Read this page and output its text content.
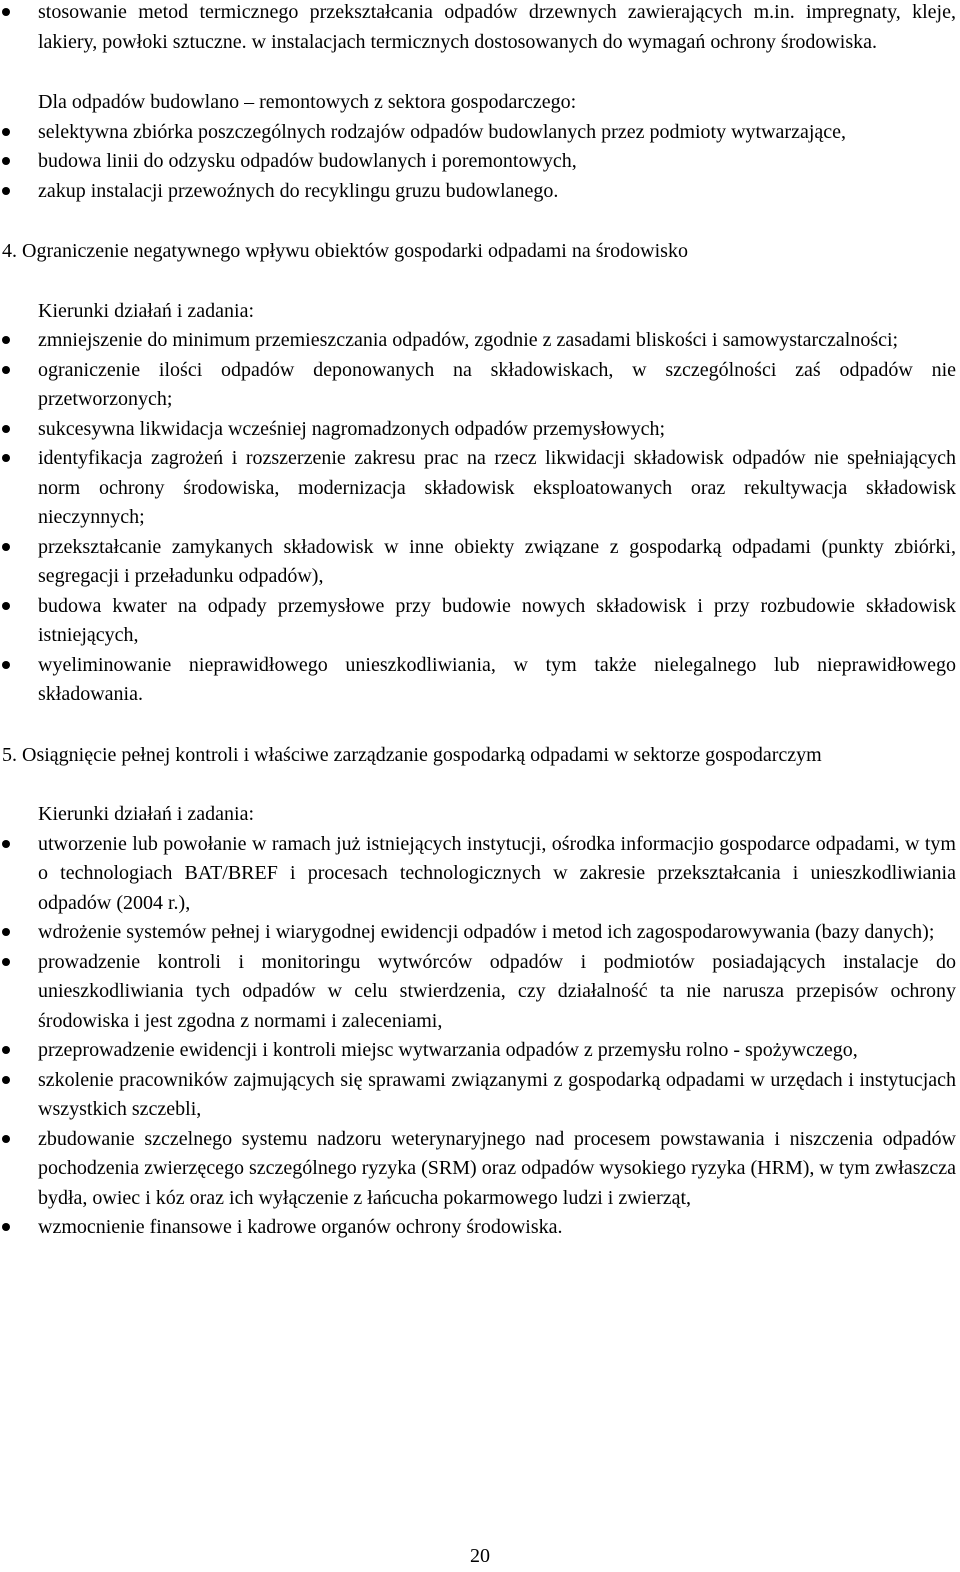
stosowanie metod termicznego przekształcania odpadów drzewnych zawierających m.in. impregnaty, kleje, lakiery, powłoki sztuczne. w instalacjach termicznych dostosowanych do wymagań ochrony środowiska.
Dla odpadów budowlano – remontowych z sektora gospodarczego:
selektywna zbiórka poszczególnych rodzajów odpadów budowlanych przez podmioty wytwarzające,
budowa linii do odzysku odpadów budowlanych i poremontowych,
zakup instalacji przewoźnych do recyklingu gruzu budowlanego.
4. Ograniczenie negatywnego wpływu obiektów gospodarki odpadami na środowisko
Kierunki działań i zadania:
zmniejszenie do minimum przemieszczania odpadów, zgodnie z zasadami bliskości i samowystarczalności;
ograniczenie ilości odpadów deponowanych na składowiskach, w szczególności zaś odpadów nie przetworzonych;
sukcesywna likwidacja wcześniej nagromadzonych odpadów przemysłowych;
identyfikacja zagrożeń i rozszerzenie zakresu prac na rzecz likwidacji składowisk odpadów nie spełniających norm ochrony środowiska, modernizacja składowisk eksploatowanych oraz rekultywacja składowisk nieczynnych;
przekształcanie zamykanych składowisk w inne obiekty związane z gospodarką odpadami (punkty zbiórki, segregacji i przeładunku odpadów),
budowa kwater na odpady przemysłowe przy budowie nowych składowisk i przy rozbudowie składowisk istniejących,
wyeliminowanie nieprawidłowego unieszkodliwiania, w tym także nielegalnego lub nieprawidłowego składowania.
5. Osiągnięcie pełnej kontroli i właściwe zarządzanie gospodarką odpadami w sektorze gospodarczym
Kierunki działań i zadania:
utworzenie lub powołanie w ramach już istniejących instytucji, ośrodka informacjio gospodarce odpadami, w tym o technologiach BAT/BREF i procesach technologicznych w zakresie przekształcania i unieszkodliwiania odpadów (2004 r.),
wdrożenie systemów pełnej i wiarygodnej ewidencji odpadów i metod ich zagospodarowywania (bazy danych);
prowadzenie kontroli i monitoringu wytwórców odpadów i podmiotów posiadających instalacje do unieszkodliwiania tych odpadów w celu stwierdzenia, czy działalność ta nie narusza przepisów ochrony środowiska i jest zgodna z normami i zaleceniami,
przeprowadzenie ewidencji i kontroli miejsc wytwarzania odpadów z przemysłu rolno - spożywczego,
szkolenie pracowników zajmujących się sprawami związanymi z gospodarką odpadami w urzędach i instytucjach wszystkich szczebli,
zbudowanie szczelnego systemu nadzoru weterynaryjnego nad procesem powstawania i niszczenia odpadów pochodzenia zwierzęcego szczególnego ryzyka (SRM) oraz odpadów wysokiego ryzyka (HRM), w tym zwłaszcza bydła, owiec i kóz oraz ich wyłączenie z łańcucha pokarmowego ludzi i zwierząt,
wzmocnienie finansowe i kadrowe organów ochrony środowiska.
20
